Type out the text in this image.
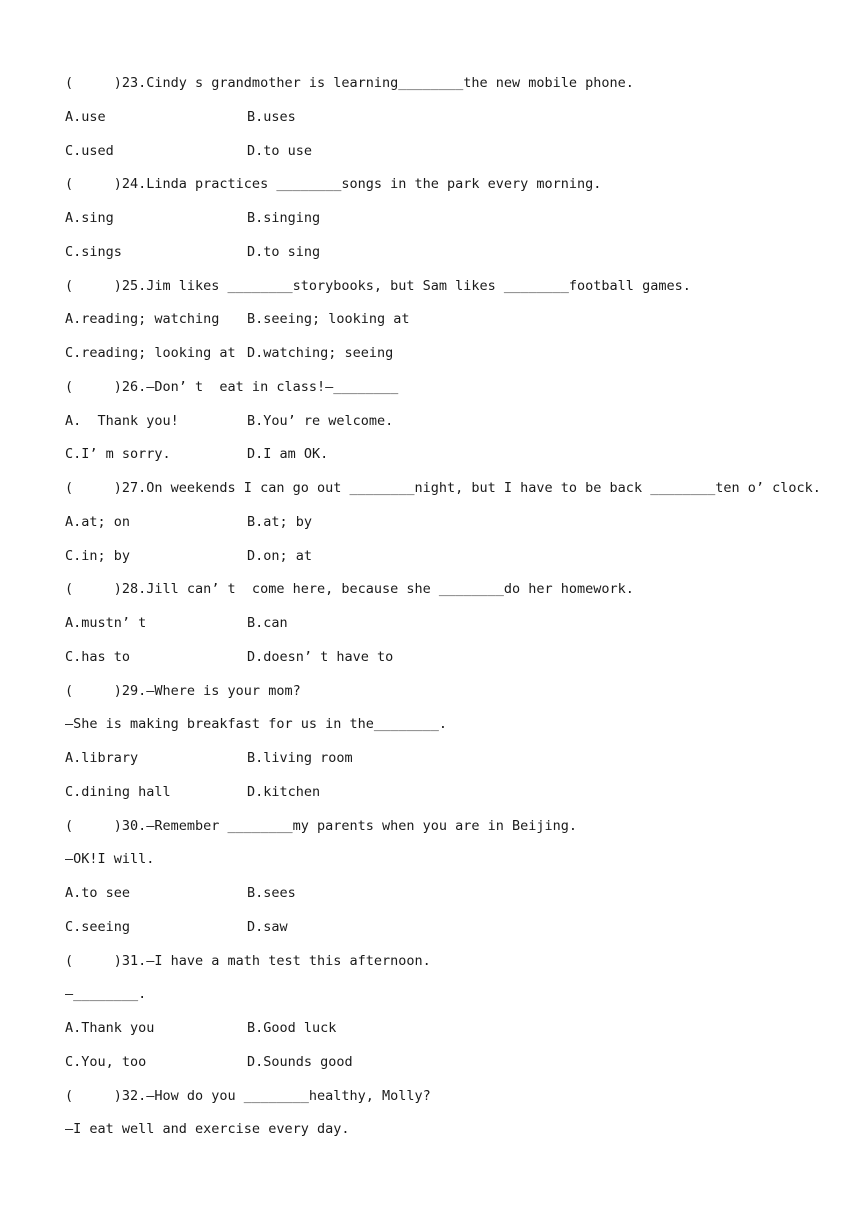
(     )23.Cindy s grandmother is learning________the new mobile phone.
A.use	B.uses
C.used	D.to use
(     )24.Linda practices ________songs in the park every morning.
A.sing	B.singing
C.sings	D.to sing
(     )25.Jim likes ________storybooks, but Sam likes ________football games.
A.reading; watching B.seeing; looking at
C.reading; looking at D.watching; seeing
(     )26.—Don’ t  eat in class!—________
A.  Thank you!	B.You’ re welcome.
C.I’ m sorry.	D.I am OK.
(     )27.On weekends I can go out ________night, but I have to be back ________ten o’ clock.
A.at; on	B.at; by
C.in; by	D.on; at
(     )28.Jill can’ t  come here, because she ________do her homework.
A.mustn’ t	B.can
C.has to	D.doesn’ t have to
(     )29.—Where is your mom?
—She is making breakfast for us in the________.
A.library	B.living room
C.dining hall	D.kitchen
(     )30.—Remember ________my parents when you are in Beijing.
—OK!I will.
A.to see	B.sees
C.seeing	D.saw
(     )31.—I have a math test this afternoon.
—________.
A.Thank you	B.Good luck
C.You, too	D.Sounds good
(     )32.—How do you ________healthy, Molly?
—I eat well and exercise every day.
